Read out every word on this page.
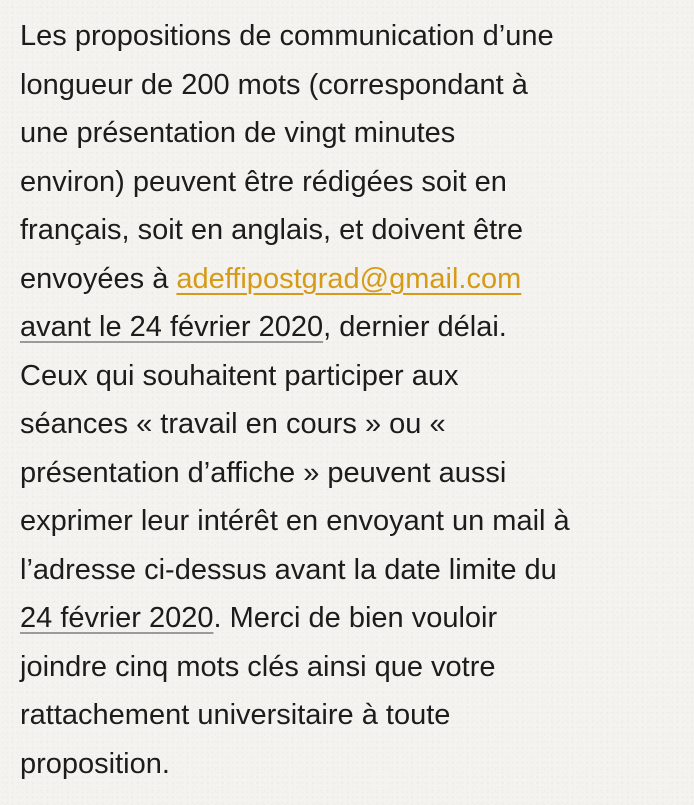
Les propositions de communication d’une
longueur de 200 mots (correspondant à
une présentation de vingt minutes
environ) peuvent être rédigées soit en
français, soit en anglais, et doivent être
envoyées à adeffipostgrad@gmail.com
avant le 24 février 2020, dernier délai.
Ceux qui souhaitent participer aux
séances « travail en cours » ou «
présentation d’affiche » peuvent aussi
exprimer leur intérêt en envoyant un mail à
l’adresse ci-dessus avant la date limite du
24 février 2020. Merci de bien vouloir
joindre cinq mots clés ainsi que votre
rattachement universitaire à toute
proposition.
